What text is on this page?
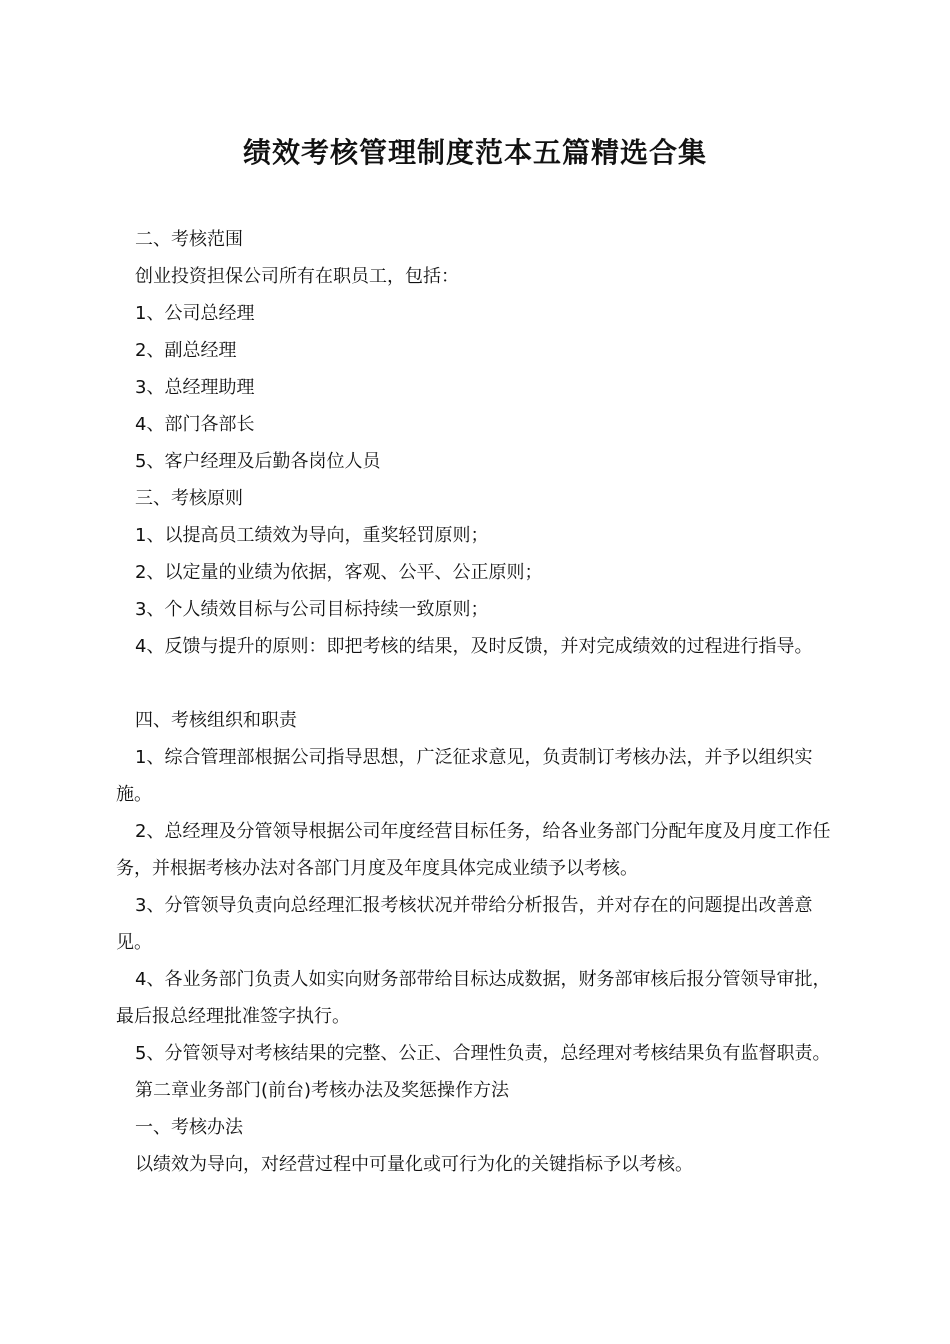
绩效考核管理制度范本五篇精选合集
二、考核范围
创业投资担保公司所有在职员工，包括：
1、公司总经理
2、副总经理
3、总经理助理
4、部门各部长
5、客户经理及后勤各岗位人员
三、考核原则
1、以提高员工绩效为导向，重奖轻罚原则；
2、以定量的业绩为依据，客观、公平、公正原则；
3、个人绩效目标与公司目标持续一致原则；
4、反馈与提升的原则：即把考核的结果，及时反馈，并对完成绩效的过程进行指导。
四、考核组织和职责
1、综合管理部根据公司指导思想，广泛征求意见，负责制订考核办法，并予以组织实施。
2、总经理及分管领导根据公司年度经营目标任务，给各业务部门分配年度及月度工作任务，并根据考核办法对各部门月度及年度具体完成业绩予以考核。
3、分管领导负责向总经理汇报考核状况并带给分析报告，并对存在的问题提出改善意见。
4、各业务部门负责人如实向财务部带给目标达成数据，财务部审核后报分管领导审批，最后报总经理批准签字执行。
5、分管领导对考核结果的完整、公正、合理性负责，总经理对考核结果负有监督职责。
第二章业务部门(前台)考核办法及奖惩操作方法
一、考核办法
以绩效为导向，对经营过程中可量化或可行为化的关键指标予以考核。
